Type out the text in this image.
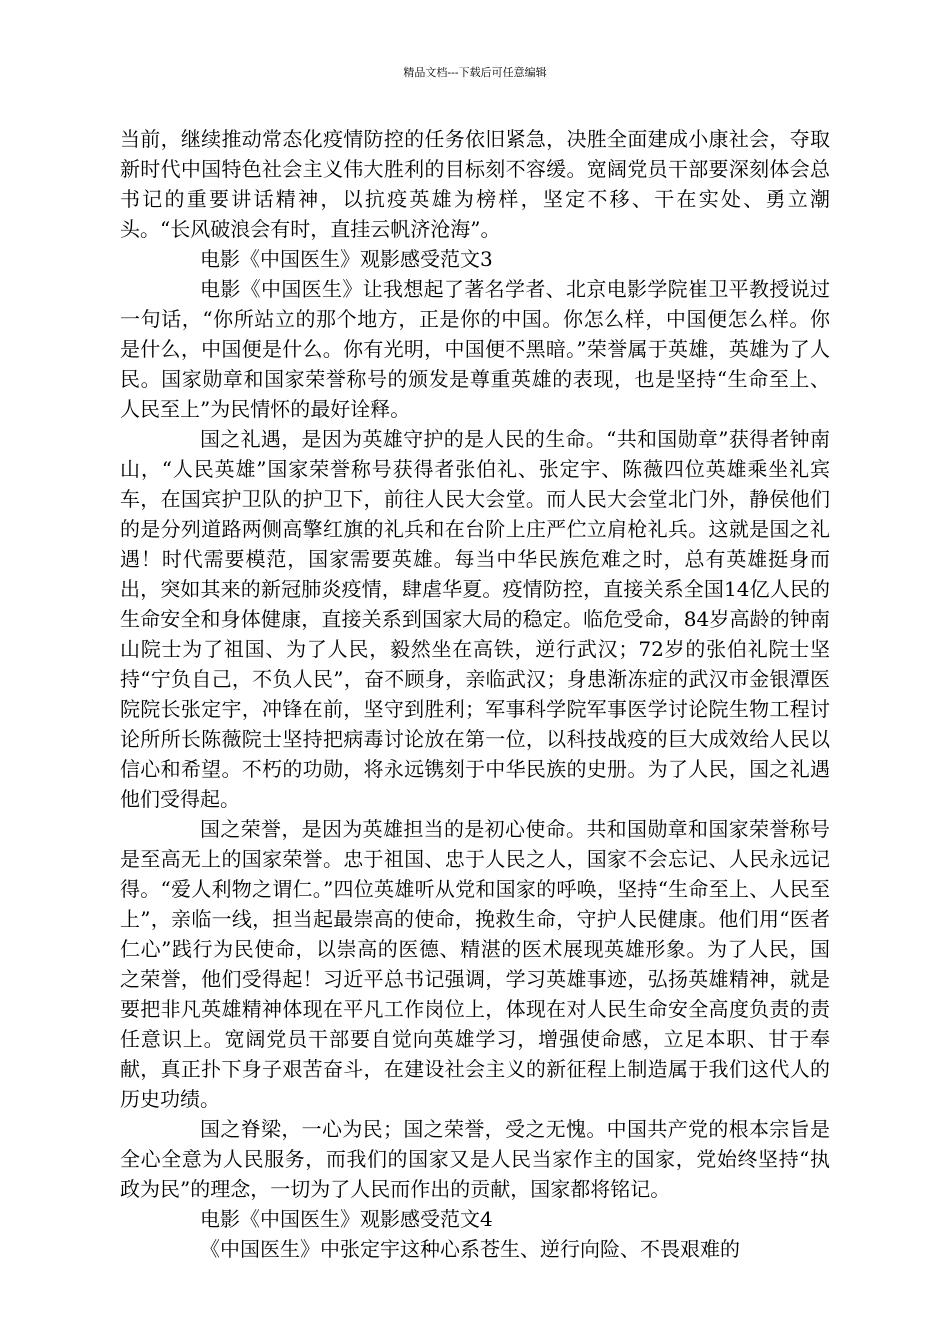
精品文档---下载后可任意编辑

当前，继续推动常态化疫情防控的任务依旧紧急，决胜全面建成小康社会，夺取新时代中国特色社会主义伟大胜利的目标刻不容缓。宽阔党员干部要深刻体会总书记的重要讲话精神，以抗疫英雄为榜样，坚定不移、干在实处、勇立潮头。“长风破浪会有时，直挂云帆济沧海”。

电影《中国医生》观影感受范文3

电影《中国医生》让我想起了著名学者、北京电影学院崔卫平教授说过一句话，“你所站立的那个地方，正是你的中国。你怎么样，中国便怎么样。你是什么，中国便是什么。你有光明，中国便不黑暗。”荣誉属于英雄，英雄为了人民。国家勋章和国家荣誉称号的颁发是尊重英雄的表现，也是坚持“生命至上、人民至上”为民情怀的最好诠释。

国之礼遇，是因为英雄守护的是人民的生命。“共和国勋章”获得者钟南山，“人民英雄”国家荣誉称号获得者张伯礼、张定宇、陈薇四位英雄乘坐礼宾车，在国宾护卫队的护卫下，前往人民大会堂。而人民大会堂北门外，静侯他们的是分列道路两侧高擎红旗的礼兵和在台阶上庄严伫立肩枪礼兵。这就是国之礼遇！时代需要模范，国家需要英雄。每当中华民族危难之时，总有英雄挺身而出，突如其来的新冠肺炎疫情，肆虐华夏。疫情防控，直接关系全国14亿人民的生命安全和身体健康，直接关系到国家大局的稳定。临危受命，84岁高龄的钟南山院士为了祖国、为了人民，毅然坐在高铁，逆行武汉；72岁的张伯礼院士坚持“宁负自己，不负人民”，奋不顾身，亲临武汉；身患渐冻症的武汉市金银潭医院院长张定宇，冲锋在前，坚守到胜利；军事科学院军事医学讨论院生物工程讨论所所长陈薇院士坚持把病毒讨论放在第一位，以科技战疫的巨大成效给人民以信心和希望。不朽的功勋，将永远镌刻于中华民族的史册。为了人民，国之礼遇他们受得起。

国之荣誉，是因为英雄担当的是初心使命。共和国勋章和国家荣誉称号是至高无上的国家荣誉。忠于祖国、忠于人民之人，国家不会忘记、人民永远记得。“爱人利物之谓仁。”四位英雄听从党和国家的呼唤，坚持“生命至上、人民至上”，亲临一线，担当起最崇高的使命，挽救生命，守护人民健康。他们用“医者仁心”践行为民使命，以崇高的医德、精湛的医术展现英雄形象。为了人民，国之荣誉，他们受得起！习近平总书记强调，学习英雄事迹，弘扬英雄精神，就是要把非凡英雄精神体现在平凡工作岗位上，体现在对人民生命安全高度负责的责任意识上。宽阔党员干部要自觉向英雄学习，增强使命感，立足本职、甘于奉献，真正扑下身子艰苦奋斗，在建设社会主义的新征程上制造属于我们这代人的历史功绩。

国之脊梁，一心为民；国之荣誉，受之无愧。中国共产党的根本宗旨是全心全意为人民服务，而我们的国家又是人民当家作主的国家，党始终坚持“执政为民”的理念，一切为了人民而作出的贡献，国家都将铭记。

电影《中国医生》观影感受范文4

《中国医生》中张定宇这种心系苍生、逆行向险、不畏艰难的
